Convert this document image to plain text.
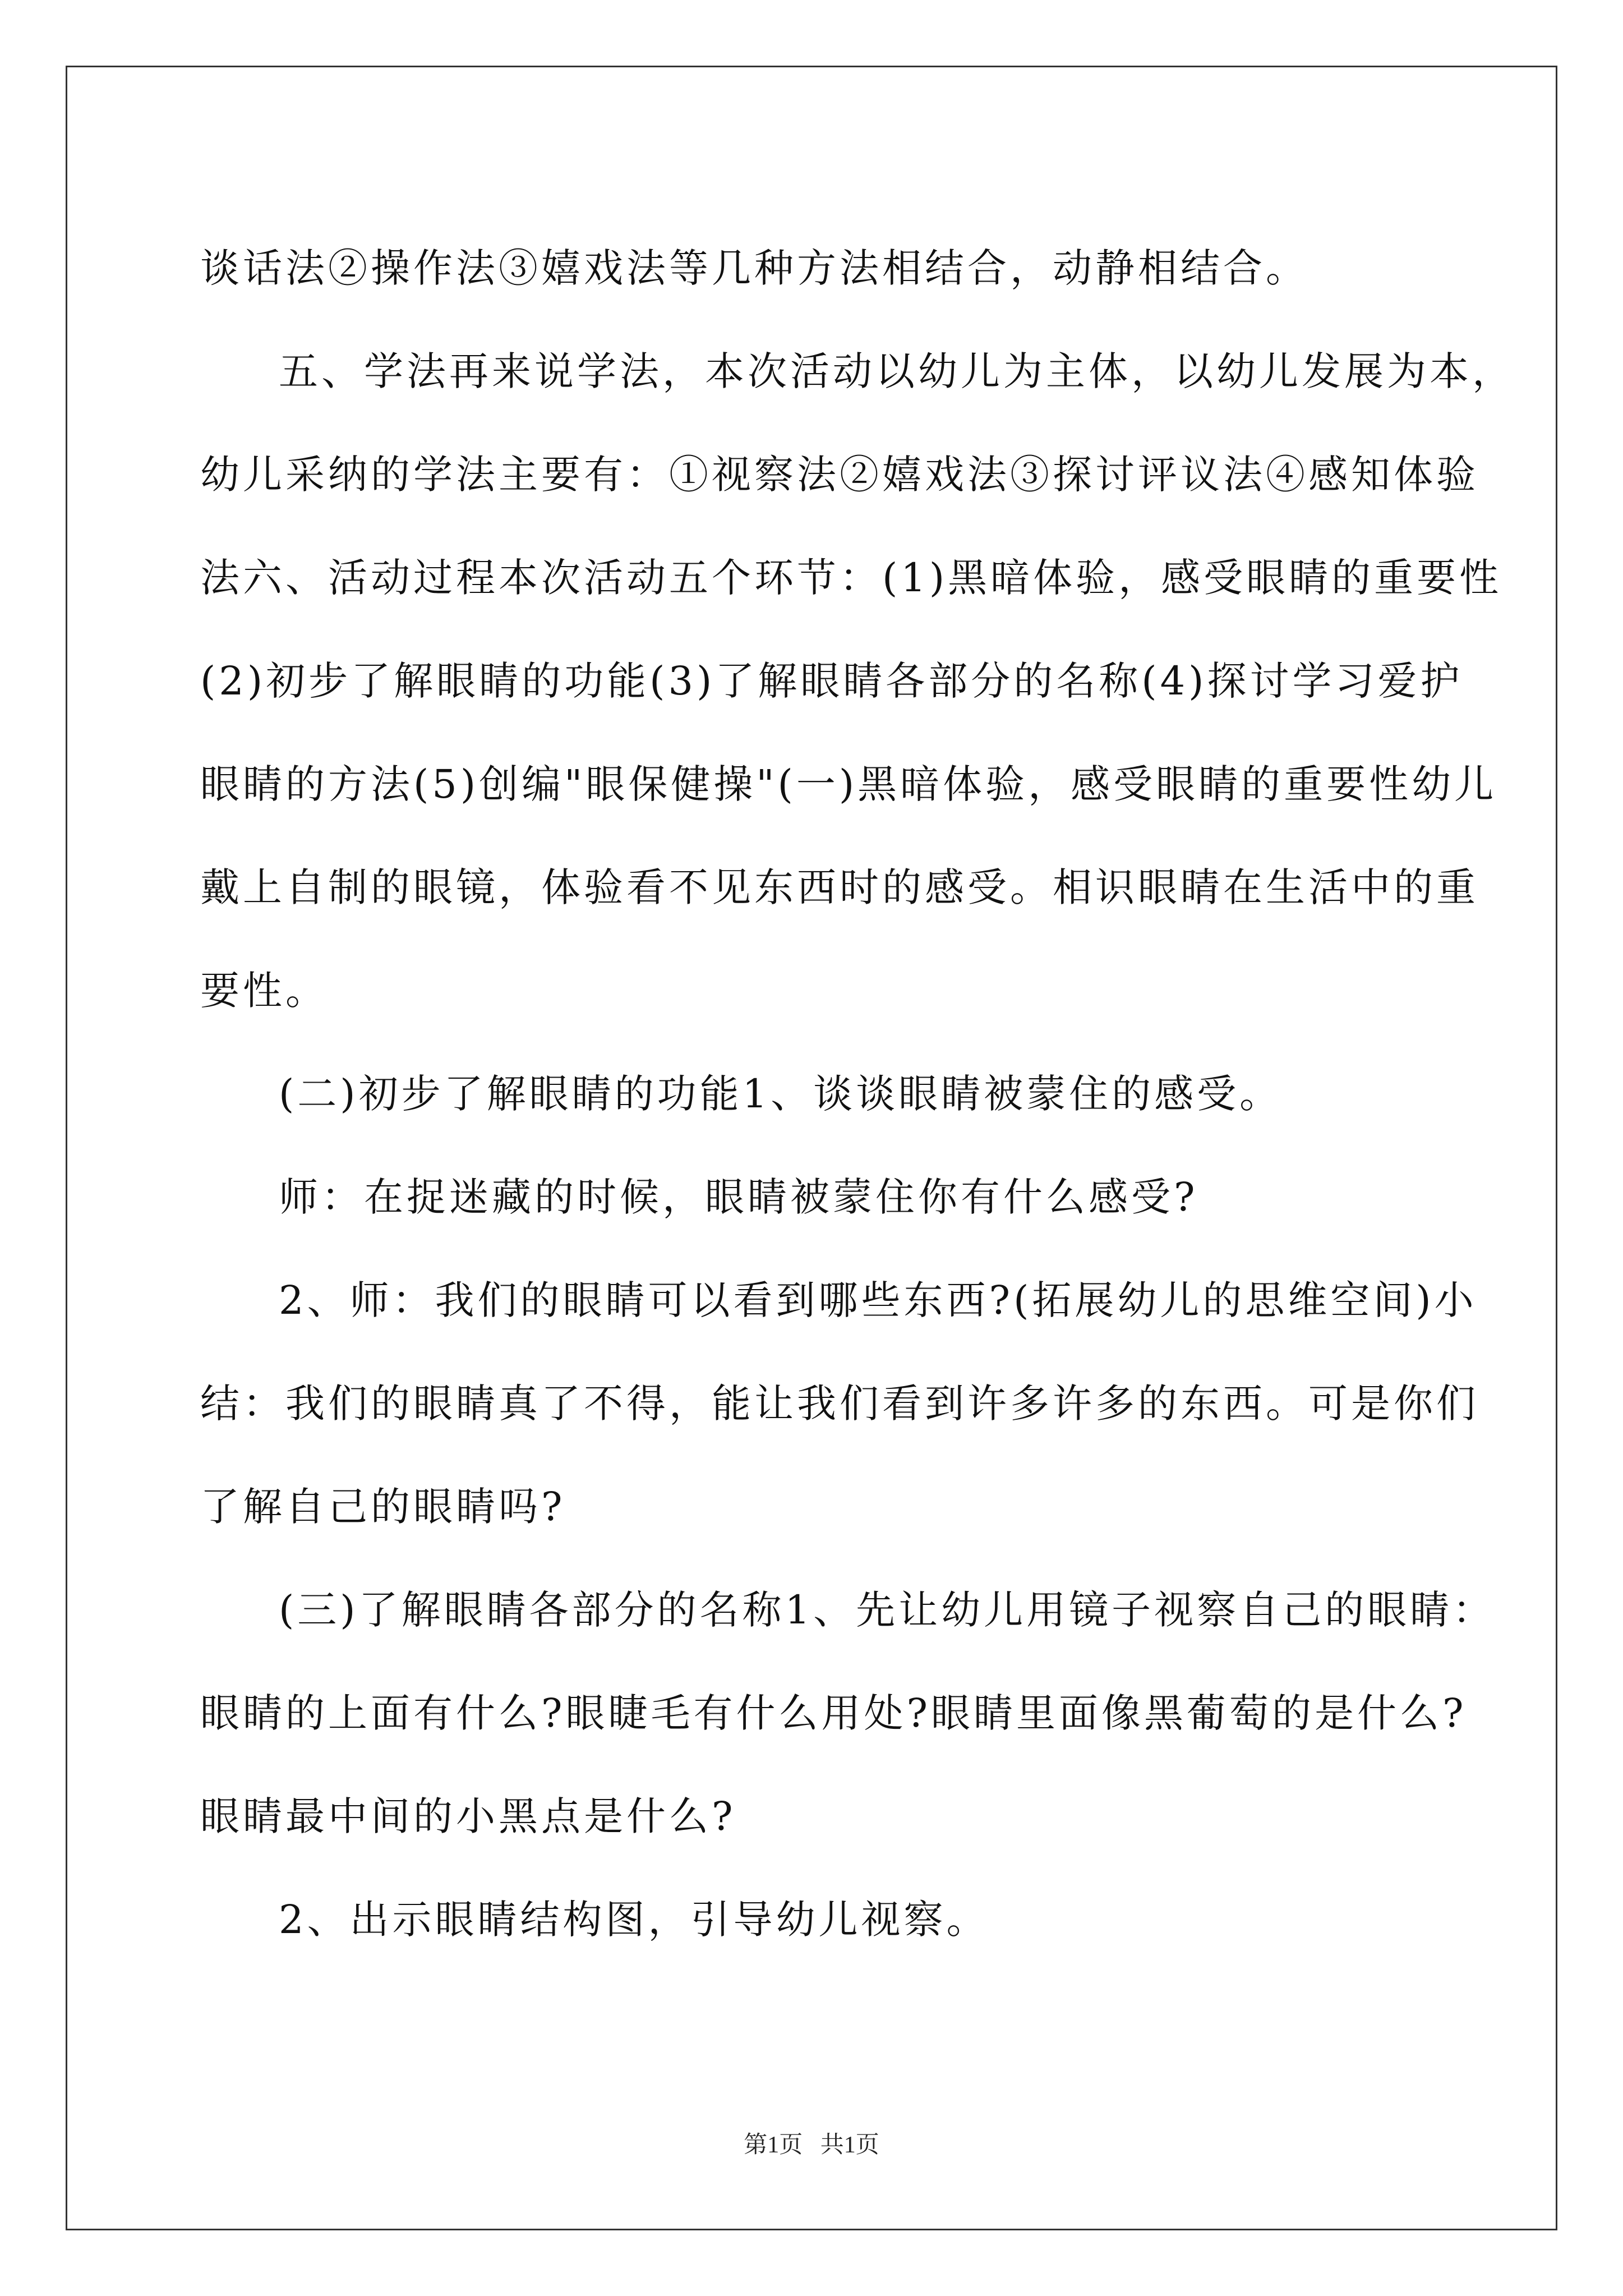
谈话法②操作法③嬉戏法等几种方法相结合，动静相结合。
五、学法再来说学法，本次活动以幼儿为主体，以幼儿发展为本，
幼儿采纳的学法主要有：①视察法②嬉戏法③探讨评议法④感知体验
法六、活动过程本次活动五个环节：(1)黑暗体验，感受眼睛的重要性
(2)初步了解眼睛的功能(3)了解眼睛各部分的名称(4)探讨学习爱护
眼睛的方法(5)创编"眼保健操"(一)黑暗体验，感受眼睛的重要性幼儿
戴上自制的眼镜，体验看不见东西时的感受。相识眼睛在生活中的重
要性。
(二)初步了解眼睛的功能1、谈谈眼睛被蒙住的感受。
师：在捉迷藏的时候，眼睛被蒙住你有什么感受?
2、师：我们的眼睛可以看到哪些东西?(拓展幼儿的思维空间)小
结：我们的眼睛真了不得，能让我们看到许多许多的东西。可是你们
了解自己的眼睛吗?
(三)了解眼睛各部分的名称1、先让幼儿用镜子视察自己的眼睛：
眼睛的上面有什么?眼睫毛有什么用处?眼睛里面像黑葡萄的是什么?
眼睛最中间的小黑点是什么?
2、出示眼睛结构图，引导幼儿视察。
第1页   共1页
